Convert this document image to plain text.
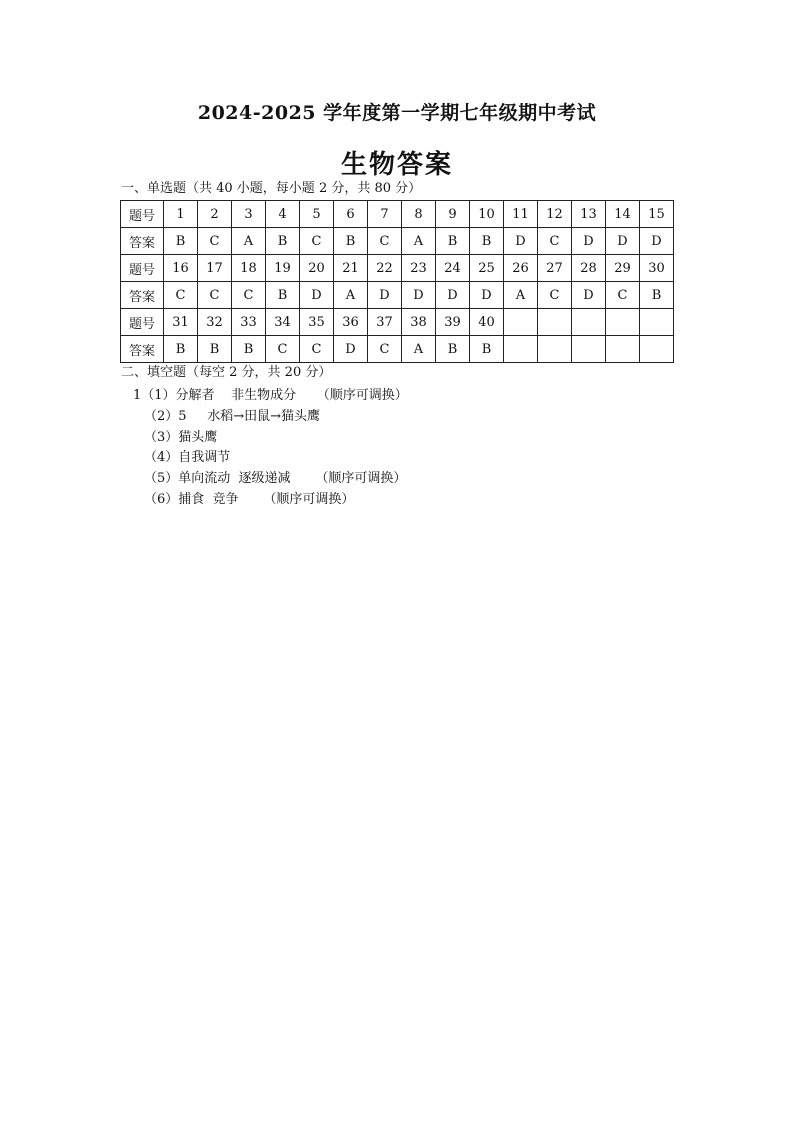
2024-2025 学年度第一学期七年级期中考试
生物答案
一、单选题（共 40 小题，每小题 2 分，共 80 分）
题号	1	2	3	4	5	6	7	8	9	10	11	12	13	14	15
答案	B	C	A	B	C	B	C	A	B	B	D	C	D	D	D
题号	16	17	18	19	20	21	22	23	24	25	26	27	28	29	30
答案	C	C	C	B	D	A	D	D	D	D	A	C	D	C	B
题号	31	32	33	34	35	36	37	38	39	40					
答案	B	B	B	C	C	D	C	A	B	B					
二、填空题（每空 2 分，共 20 分）
1（1）分解者    非生物成分     （顺序可调换）
（2）5     水稻→田鼠→猫头鹰
（3）猫头鹰
（4）自我调节
（5）单向流动  逐级递减      （顺序可调换）
（6）捕食  竞争      （顺序可调换）
